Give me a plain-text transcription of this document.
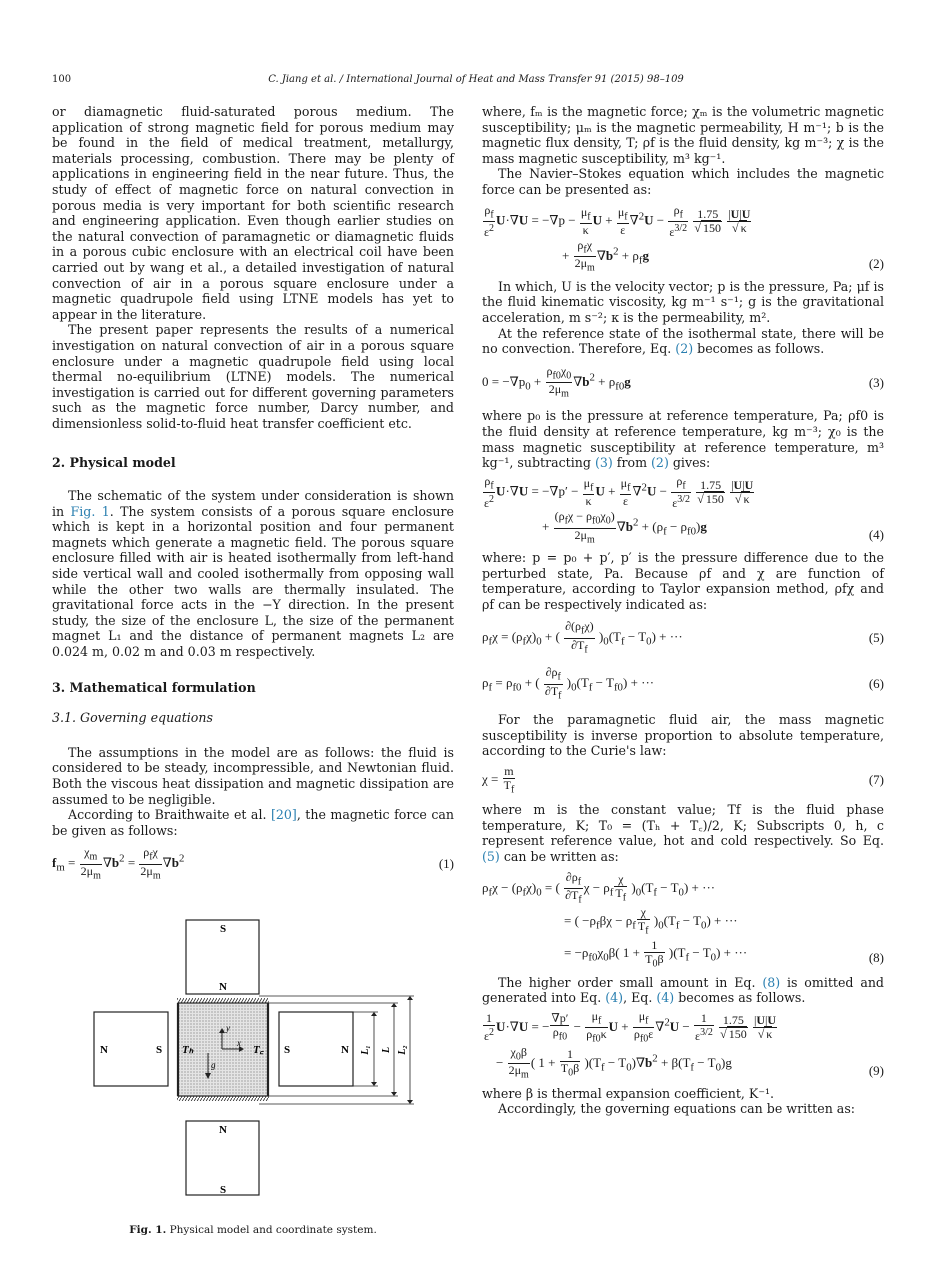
100	C. Jiang et al. / International Journal of Heat and Mass Transfer 91 (2015) 98–109

or diamagnetic fluid-saturated porous medium. The application of strong magnetic field for porous medium may be found in the field of medical treatment, metallurgy, materials processing, combustion. There may be plenty of applications in engineering field in the near future. Thus, the study of effect of magnetic force on natural convection in porous media is very important for both scientific research and engineering application. Even though earlier studies on the natural convection of paramagnetic or diamagnetic fluids in a porous cubic enclosure with an electrical coil have been carried out by wang et al., a detailed investigation of natural convection of air in a porous square enclosure under a magnetic quadrupole field using LTNE models has yet to appear in the literature.

The present paper represents the results of a numerical investigation on natural convection of air in a porous square enclosure under a magnetic quadrupole field using local thermal no-equilibrium (LTNE) models. The numerical investigation is carried out for different governing parameters such as the magnetic force number, Darcy number, and dimensionless solid-to-fluid heat transfer coefficient etc.

2. Physical model

The schematic of the system under consideration is shown in Fig. 1. The system consists of a porous square enclosure which is kept in a horizontal position and four permanent magnets which generate a magnetic field. The porous square enclosure filled with air is heated isothermally from left-hand side vertical wall and cooled isothermally from opposing wall while the other two walls are thermally insulated. The gravitational force acts in the −Y direction. In the present study, the size of the enclosure L, the size of the permanent magnet L₁ and the distance of permanent magnets L₂ are 0.024 m, 0.02 m and 0.03 m respectively.

3. Mathematical formulation

3.1. Governing equations

The assumptions in the model are as follows: the fluid is considered to be steady, incompressible, and Newtonian fluid. Both the viscous heat dissipation and magnetic dissipation are assumed to be negligible.

According to Braithwaite et al. [20], the magnetic force can be given as follows:

$f_m = \frac{\chi_m}{2\mu_m} \nabla b^2 = \frac{\rho_f\chi}{2\mu_m} \nabla b^2$	(1)
S
N
N
S
N	S	S	N
Tₕ	T꜀
y
x
g
L₁ L L₂
Fig. 1. Physical model and coordinate system.

where, fₘ is the magnetic force; χₘ is the volumetric magnetic susceptibility; μₘ is the magnetic permeability, H m⁻¹; b is the magnetic flux density, T; ρf is the fluid density, kg m⁻³; χ is the mass magnetic susceptibility, m³ kg⁻¹.

The Navier–Stokes equation which includes the magnetic force can be presented as:

$\frac{\rho_f}{\varepsilon^2} U\cdot\nabla U = -\nabla p - \frac{\mu_f}{\kappa}$ $U + \frac{\mu_f}{\varepsilon} \nabla^2U - \frac{\rho_f}{\varepsilon^{3/2}}$
$\frac{1.75}{√ 150}$
$\frac{|U|U}{√ \kappa}$

+ $\frac{\rho_f\chi}{2\mu_m} \nabla b^2 + \rho_fg$
(2)

In which, U is the velocity vector; p is the pressure, Pa; μf is the fluid kinematic viscosity, kg m⁻¹ s⁻¹; g is the gravitational acceleration, m s⁻²; κ is the permeability, m².

At the reference state of the isothermal state, there will be no convection. Therefore, Eq. (2) becomes as follows.

$0 = -\nabla p_0 + \frac{\rho_{f0}\chi_0}{2\mu_m} \nabla b^2 + \rho_{f0}g$	(3)

where p₀ is the pressure at reference temperature, Pa; ρf0 is the fluid density at reference temperature, kg m⁻³; χ₀ is the mass magnetic susceptibility at reference temperature, m³ kg⁻¹, subtracting (3) from (2) gives:

$\frac{\rho_f}{\varepsilon^2} U\cdot\nabla U = -\nabla p' - \frac{\mu_f}{\kappa}$ $U + \frac{\mu_f}{\varepsilon} \nabla^2U - \frac{\rho_f}{\varepsilon^{3/2}}$
$\frac{1.75}{√ 150}$
$\frac{|U|U}{√ \kappa}$

+ $\frac{(\rho_f\chi - \rho_{f0}\chi_0)}{2\mu_m} \nabla b^2 + (\rho_f - \rho_{f0})g$
(4)

where: p = p₀ + p′, p′ is the pressure difference due to the perturbed state, Pa. Because ρf and χ are function of temperature, according to Taylor expansion method, ρfχ and ρf can be respectively indicated as:

$\rho_f\chi = (\rho_f\chi)_0$ + ( $\frac{\partial(\rho_f\chi)}{\partial T_f} )_0(T_f - T_0)$ + ···	(5)
$\rho_f = \rho_{f0}$ + ( $\frac{\partial\rho_f}{\partial T_f} )_0(T_f - T_{f0})$ + ···	(6)

For the paramagnetic fluid air, the mass magnetic susceptibility is inverse proportion to absolute temperature, according to the Curie's law:

$\chi = \frac{m}{T_f}$	(7)

where m is the constant value; Tf is the fluid phase temperature, K; T₀ = (Tₕ + T꜀)/2, K; Subscripts 0, h, c represent reference value, hot and cold respectively. So Eq. (5) can be written as:

$\rho_f\chi - (\rho_f\chi)_0$ = ( $\frac{\partial\rho_f}{\partial T_f}$ $\chi - \rho_f \frac{\chi}{T_f} )_0(T_f - T_0)$ + ···
= ( $-\rho_f\beta\chi - \rho_f \frac{\chi}{T_f} )_0(T_f - T_0)$ + ···
= $-\rho_{f0}\chi_0\beta$( $1 + \frac{1}{T_0\beta} )(T_f - T_0)$ + ···	(8)

The higher order small amount in Eq. (8) is omitted and generated into Eq. (4), Eq. (4) becomes as follows.

$\frac{1}{\varepsilon^2} U\cdot\nabla U$ = − $\frac{\nabla p'}{\rho_{f0}} - \frac{\mu_f}{\rho_{f0}\kappa}$ $U + \frac{\mu_f}{\rho_{f0}\varepsilon} \nabla^2U - \frac{1}{\varepsilon^{3/2}}$
$\frac{1.75}{√ 150}$
$\frac{|U|U}{√ \kappa}$

− $\frac{\chi_0\beta}{2\mu_m}$ ( $1 + \frac{1}{T_0\beta} )(T_f - T_0)\nabla b^2 + \beta(T_f - T_0)g$
(9)

where β is thermal expansion coefficient, K⁻¹.

Accordingly, the governing equations can be written as:
